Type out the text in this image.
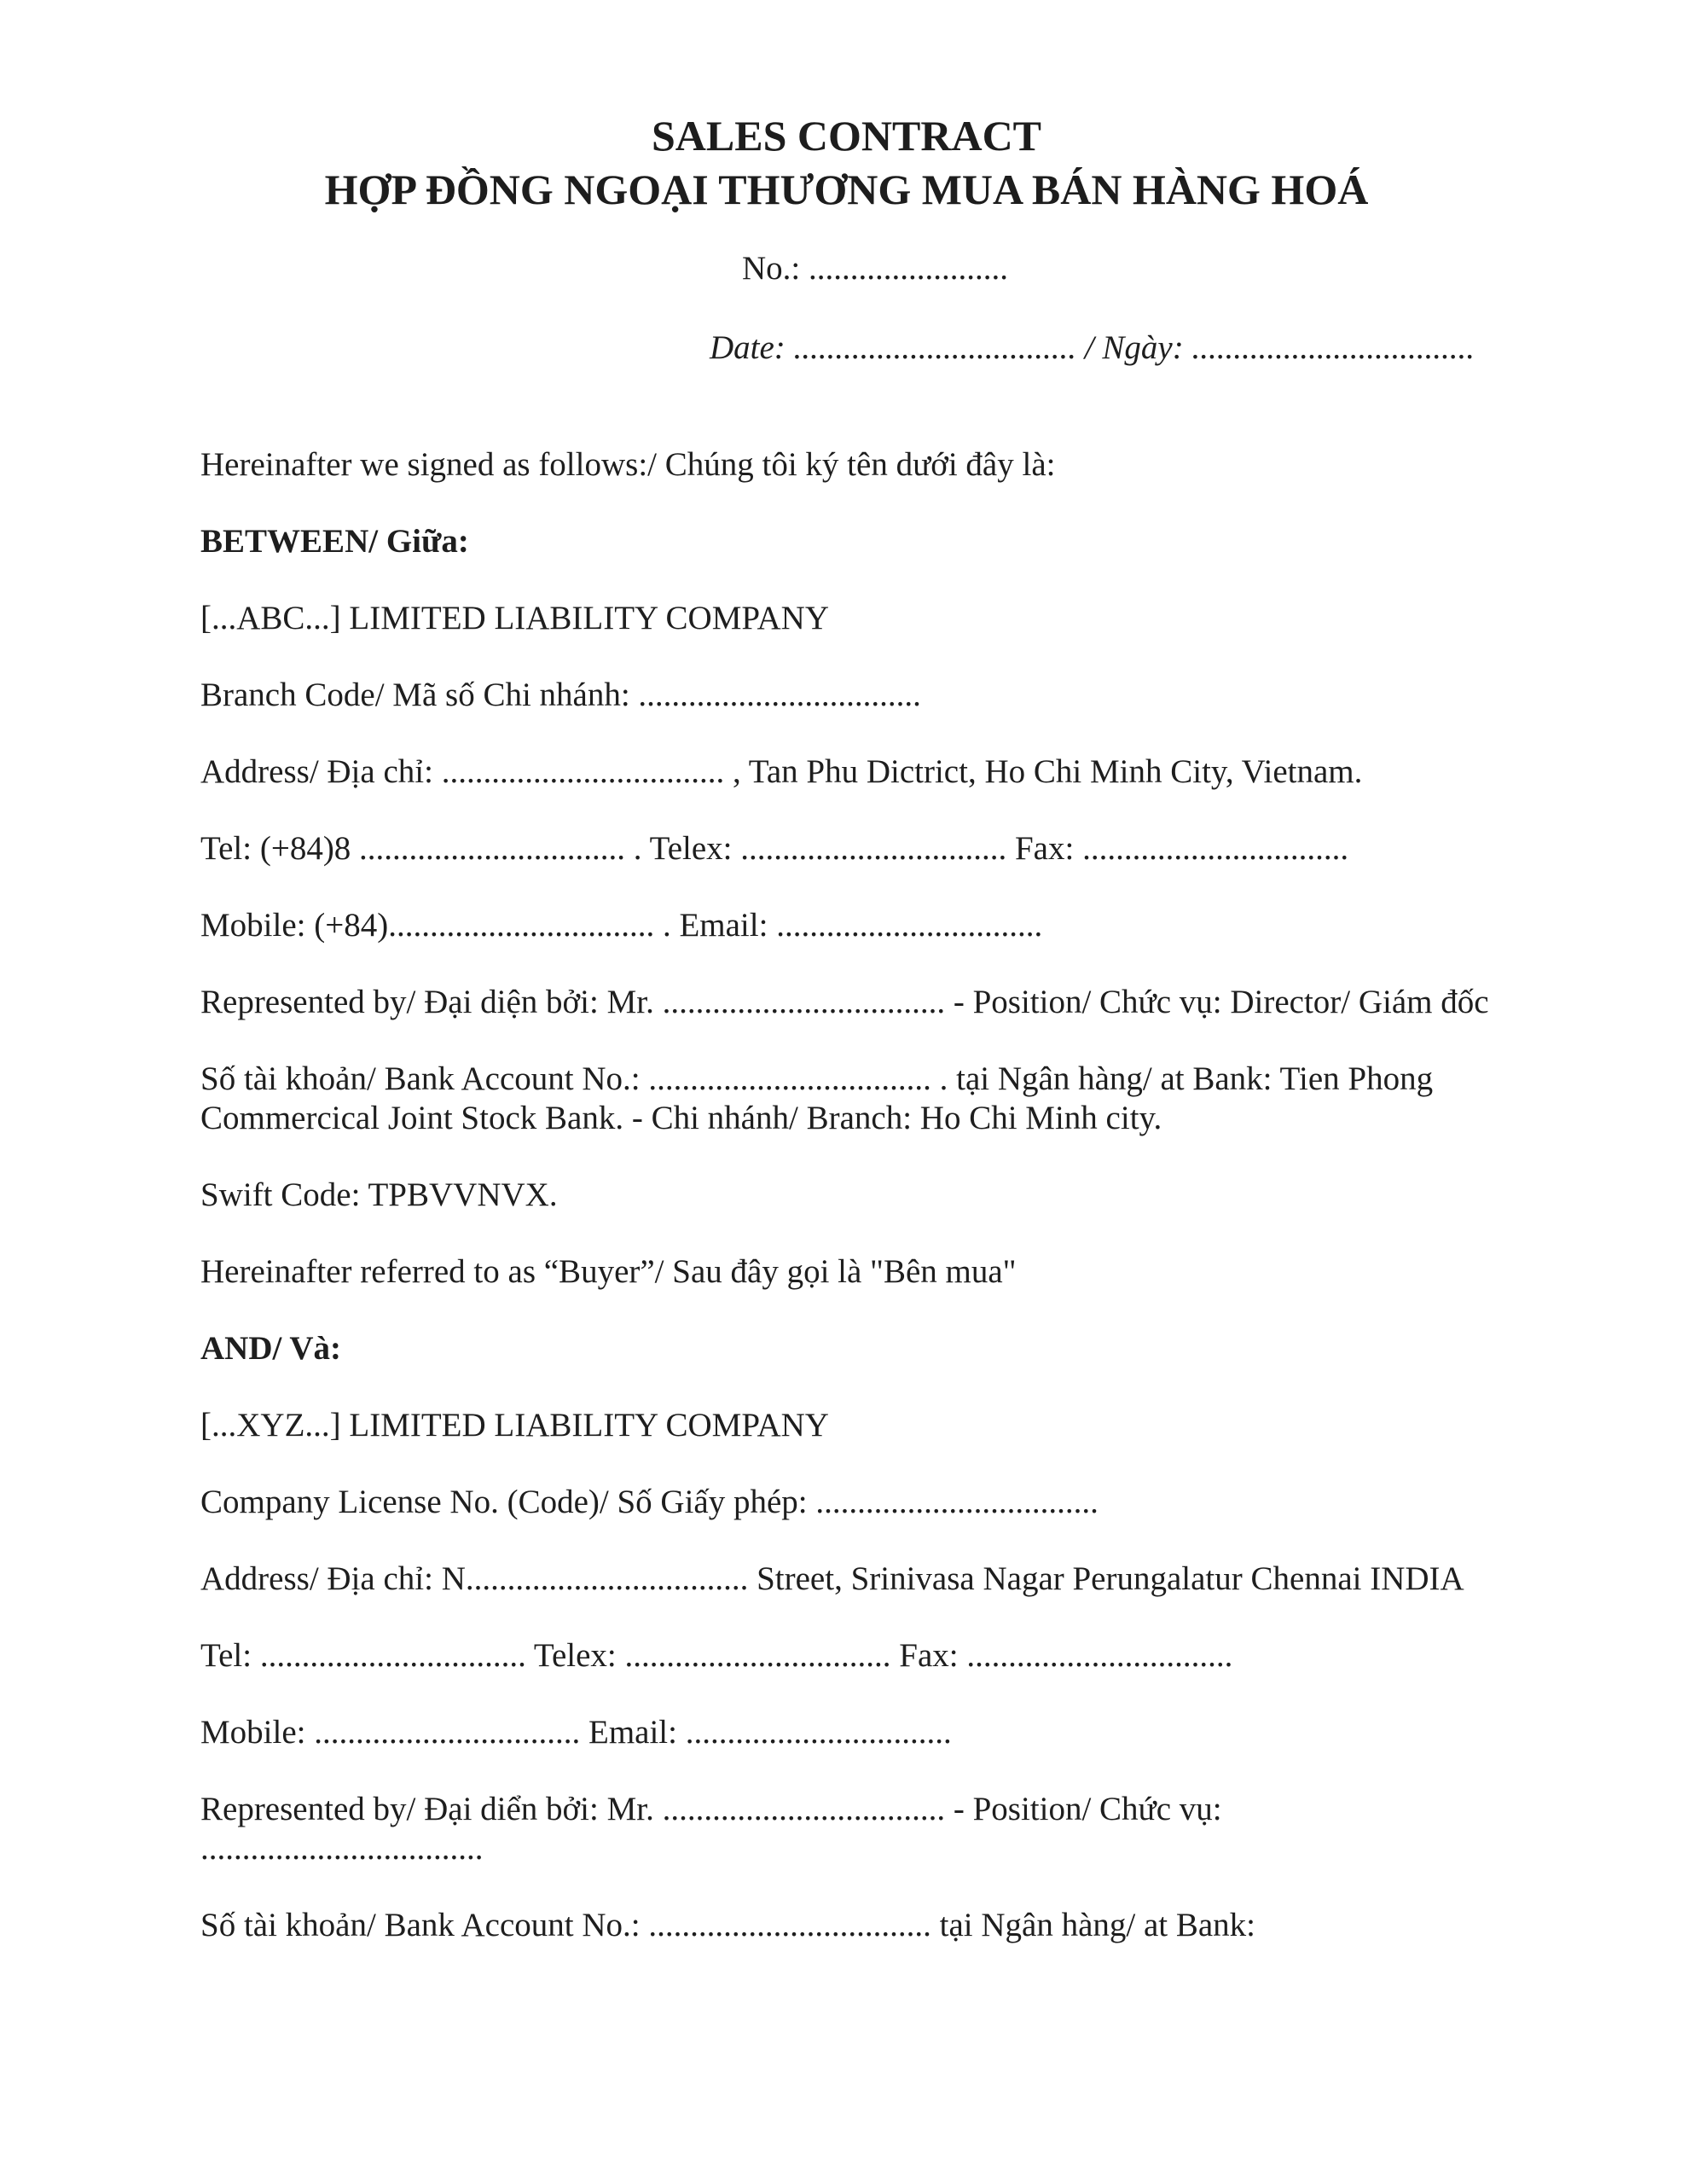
SALES CONTRACT
HỢP ĐỒNG NGOẠI THƯƠNG MUA BÁN HÀNG HOÁ

No.: ........................

Date: .................................. / Ngày: ..................................

Hereinafter we signed as follows:/ Chúng tôi ký tên dưới đây là:

BETWEEN/ Giữa:

[...ABC...] LIMITED LIABILITY COMPANY

Branch Code/ Mã số Chi nhánh: ..................................

Address/ Địa chỉ: .................................. , Tan Phu Dictrict, Ho Chi Minh City, Vietnam.

Tel: (+84)8 ................................ . Telex: ................................ Fax: ................................

Mobile: (+84)................................ . Email: ................................

Represented by/ Đại diện bởi: Mr. .................................. - Position/ Chức vụ: Director/ Giám đốc

Số tài khoản/ Bank Account No.: .................................. . tại Ngân hàng/ at Bank: Tien Phong Commercical Joint Stock Bank. - Chi nhánh/ Branch: Ho Chi Minh city.

Swift Code: TPBVVNVX.

Hereinafter referred to as “Buyer”/ Sau đây gọi là "Bên mua"

AND/ Và:

[...XYZ...] LIMITED LIABILITY COMPANY

Company License No. (Code)/ Số Giấy phép: ..................................

Address/ Địa chỉ: N.................................. Street, Srinivasa Nagar Perungalatur Chennai INDIA

Tel: ................................ Telex: ................................ Fax: ................................

Mobile: ................................ Email: ................................

Represented by/ Đại diển bởi: Mr. .................................. - Position/ Chức vụ: ..................................

Số tài khoản/ Bank Account No.: .................................. tại Ngân hàng/ at Bank:
